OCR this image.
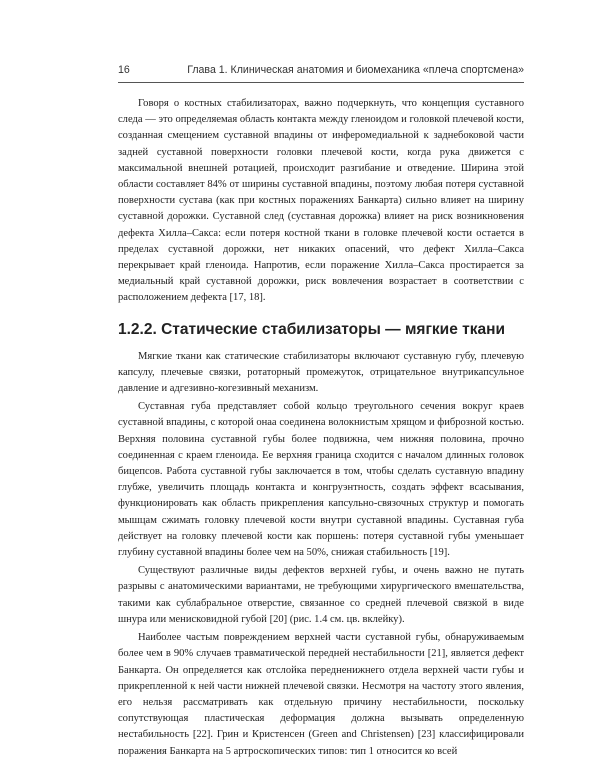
16	Глава 1. Клиническая анатомия и биомеханика «плеча спортсмена»

Говоря о костных стабилизаторах, важно подчеркнуть, что концепция суставного следа — это определяемая область контакта между гленоидом и головкой плечевой кости, созданная смещением суставной впадины от инферомедиальной к заднебоковой части задней суставной поверхности головки плечевой кости, когда рука движется с максимальной внешней ротацией, происходит разгибание и отведение. Ширина этой области составляет 84% от ширины суставной впадины, поэтому любая потеря суставной поверхности сустава (как при костных поражениях Банкарта) сильно влияет на ширину суставной дорожки. Суставной след (суставная дорожка) влияет на риск возникновения дефекта Хилла–Сакса: если потеря костной ткани в головке плечевой кости остается в пределах суставной дорожки, нет никаких опасений, что дефект Хилла–Сакса перекрывает край гленоида. Напротив, если поражение Хилла–Сакса простирается за медиальный край суставной дорожки, риск вовлечения возрастает в соответствии с расположением дефекта [17, 18].

1.2.2. Статические стабилизаторы — мягкие ткани

Мягкие ткани как статические стабилизаторы включают суставную губу, плечевую капсулу, плечевые связки, ротаторный промежуток, отрицательное внутрикапсульное давление и адгезивно-когезивный механизм.

Суставная губа представляет собой кольцо треугольного сечения вокруг краев суставной впадины, с которой онаа соединена волокнистым хрящом и фиброзной костью. Верхняя половина суставной губы более подвижна, чем нижняя половина, прочно соединенная с краем гленоида. Ее верхняя граница сходится с началом длинных головок бицепсов. Работа суставной губы заключается в том, чтобы сделать суставную впадину глубже, увеличить площадь контакта и конгруэнтность, создать эффект всасывания, функционировать как область прикрепления капсульно-связочных структур и помогать мышцам сжимать головку плечевой кости внутри суставной впадины. Суставная губа действует на головку плечевой кости как поршень: потеря суставной губы уменьшает глубину суставной впадины более чем на 50%, снижая стабильность [19].

Существуют различные виды дефектов верхней губы, и очень важно не путать разрывы с анатомическими вариантами, не требующими хирургического вмешательства, такими как сублабральное отверстие, связанное со средней плечевой связкой в виде шнура или менисковидной губой [20] (рис. 1.4 см. цв. вклейку).

Наиболее частым повреждением верхней части суставной губы, обнаруживаемым более чем в 90% случаев травматической передней нестабильности [21], является дефект Банкарта. Он определяется как отслойка передненижнего отдела верхней части губы и прикрепленной к ней части нижней плечевой связки. Несмотря на частоту этого явления, его нельзя рассматривать как отдельную причину нестабильности, поскольку сопутствующая пластическая деформация должна вызывать определенную нестабильность [22]. Грин и Кристенсен (Green and Christensen) [23] классифицировали поражения Банкарта на 5 артроскопических типов: тип 1 относится ко всей
